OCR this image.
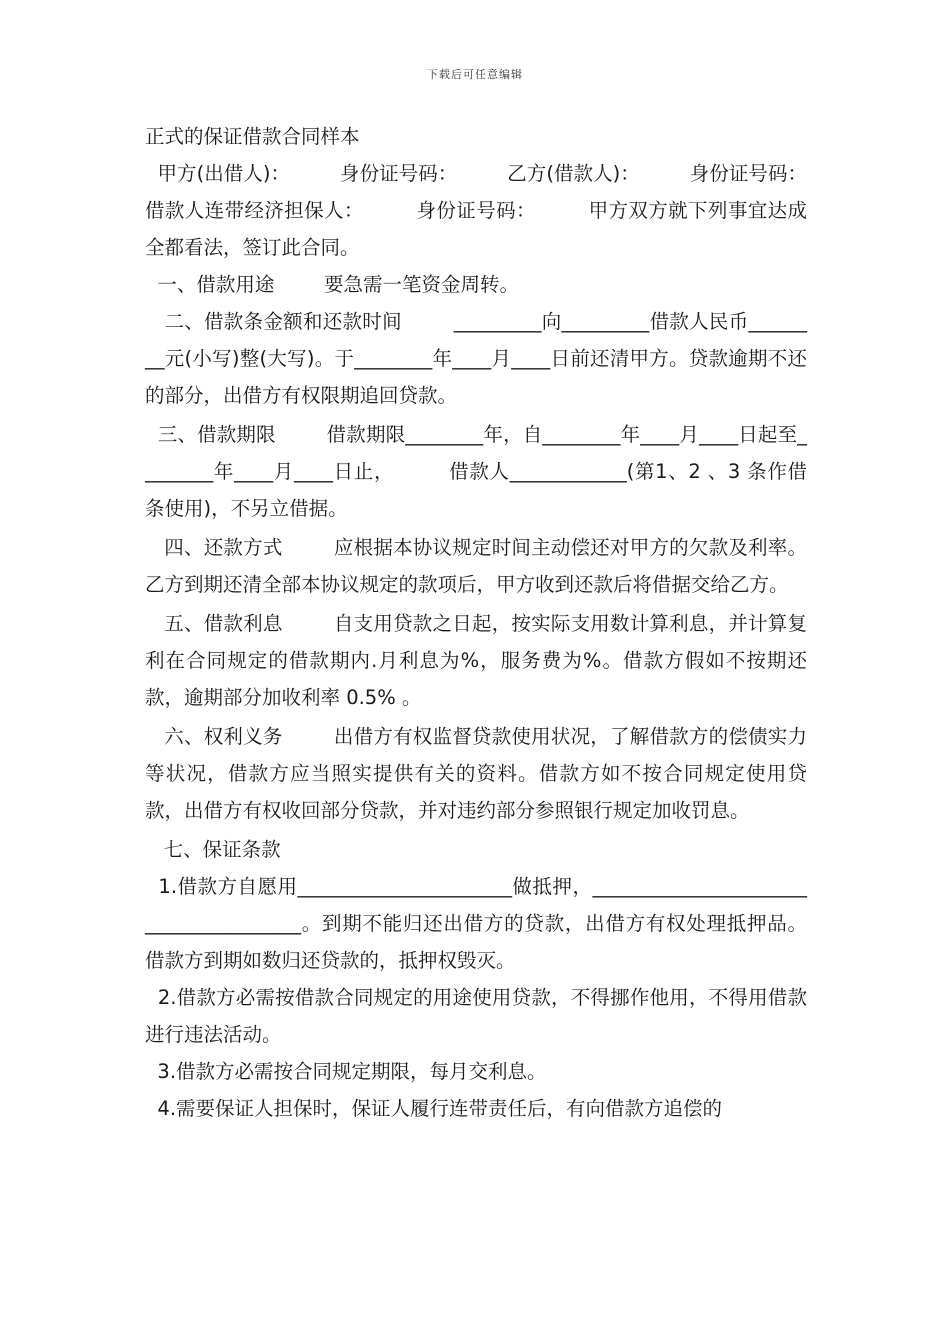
下载后可任意编辑

正式的保证借款合同样本

甲方(出借人)：        身份证号码：        乙方(借款人)：        身份证号码：        借款人连带经济担保人：        身份证号码：        甲方双方就下列事宜达成全都看法，签订此合同。

一、借款用途        要急需一笔资金周转。

二、借款条金额和还款时间        _________向_________借款人民币________元(小写)整(大写)。于________年____月____日前还清甲方。贷款逾期不还的部分，出借方有权限期追回贷款。

三、借款期限        借款期限________年，自________年____月____日起至________年____月____日止，        借款人____________(第1、2 、3 条作借条使用)，不另立借据。

四、还款方式        应根据本协议规定时间主动偿还对甲方的欠款及利率。乙方到期还清全部本协议规定的款项后，甲方收到还款后将借据交给乙方。

五、借款利息        自支用贷款之日起，按实际支用数计算利息，并计算复利在合同规定的借款期内.月利息为%，服务费为%。借款方假如不按期还款，逾期部分加收利率 0.5% 。

六、权利义务        出借方有权监督贷款使用状况，了解借款方的偿债实力等状况，借款方应当照实提供有关的资料。借款方如不按合同规定使用贷款，出借方有权收回部分贷款，并对违约部分参照银行规定加收罚息。

七、保证条款

1.借款方自愿用______________________做抵押，______________________ ________________。到期不能归还出借方的贷款，出借方有权处理抵押品。借款方到期如数归还贷款的，抵押权毁灭。

2.借款方必需按借款合同规定的用途使用贷款，不得挪作他用，不得用借款进行违法活动。

3.借款方必需按合同规定期限，每月交利息。

4.需要保证人担保时，保证人履行连带责任后，有向借款方追偿的
